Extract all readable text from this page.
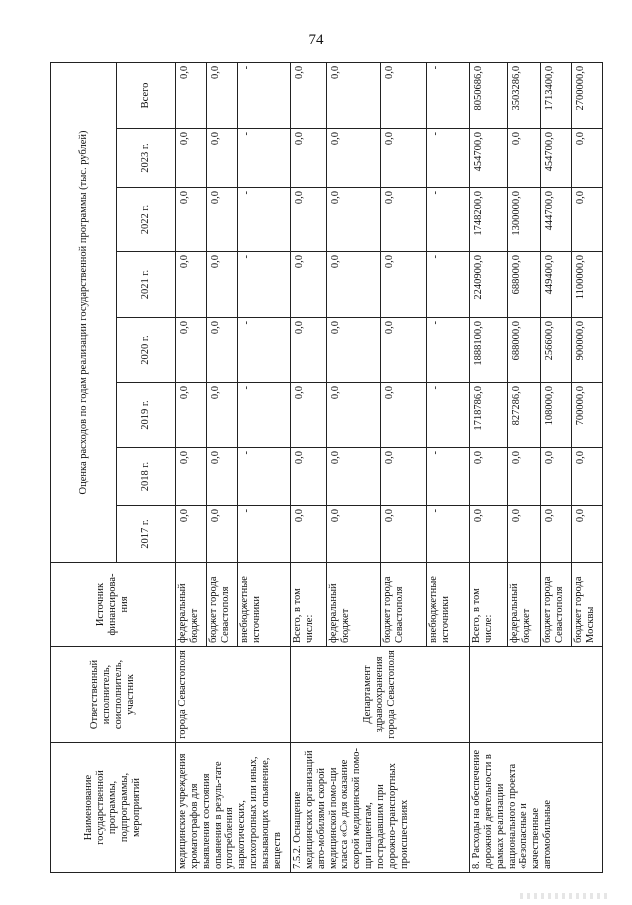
74
Наименование государственной программы, подпрограммы, мероприятий	Ответственный исполнитель, соисполнитель, участник	Источник финансирова-ния	Оценка расходов по годам реализации государственной программы (тыс. рублей)							
			2017 г.	2018 г.	2019 г.	2020 г.	2021 г.	2022 г.	2023 г.	Всего
медицинские учреждения хроматографов для выявления состояния опьянения в резуль-тате употребления наркотических, психотропных или иных, вызывающих опьянение, веществ	города Севастополя	федеральный бюджет	0,0	0,0	0,0	0,0	0,0	0,0	0,0	0,0
		бюджет города Севастополя	0,0	0,0	0,0	0,0	0,0	0,0	0,0	0,0
		внебюджетные источники	-	-	-	-	-	-	-	-
7.5.2. Оснащение медицинских организаций авто-мобилями скорой медицинской помо-щи класса «С» для оказание скорой медицинской помо-щи пациентам, пострадавшим при дорожно-транспортных происшествиях	Департамент здравоохранения города Севастополя	Всего, в том числе:	0,0	0,0	0,0	0,0	0,0	0,0	0,0	0,0
		федеральный бюджет	0,0	0,0	0,0	0,0	0,0	0,0	0,0	0,0
		бюджет города Севастополя	0,0	0,0	0,0	0,0	0,0	0,0	0,0	0,0
		внебюджетные источники	-	-	-	-	-	-	-	-
8. Расходы на обеспечение дорожной деятельности в рамках реализации национального проекта «Безопасные и качественные автомобильные		Всего, в том числе:	0,0	0,0	1718786,0	1888100,0	2240900,0	1748200,0	454700,0	8050686,0
		федеральный бюджет	0,0	0,0	827286,0	688000,0	688000,0	1300000,0	0,0	3503286,0
		бюджет города Севастополя	0,0	0,0	108000,0	256600,0	449400,0	444700,0	454700,0	1713400,0
		бюджет города Москвы	0,0	0,0	700000,0	900000,0	1100000,0	0,0	0,0	2700000,0
